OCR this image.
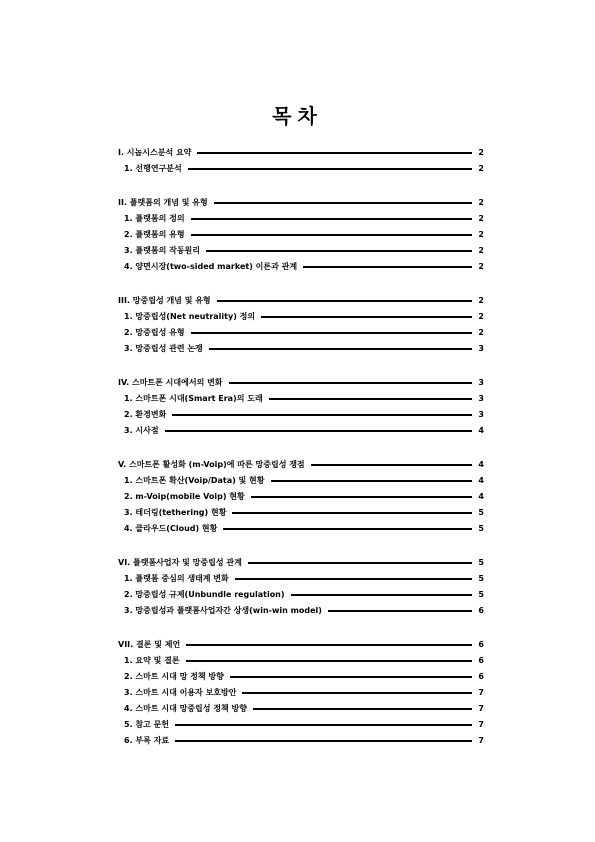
목차
I. 시놉시스분석 요약	2
1. 선행연구분석	2
II. 플랫폼의 개념 및 유형	2
1. 플랫폼의 정의	2
2. 플랫폼의 유형	2
3. 플랫폼의 작동원리	2
4. 양면시장(two-sided market) 이론과 관계	2
III. 망중립성 개념 및 유형	2
1. 망중립성(Net neutrality) 정의	2
2. 망중립성 유형	2
3. 망중립성 관련 논쟁	3
IV. 스마트폰 시대에서의 변화	3
1. 스마트폰 시대(Smart Era)의 도래	3
2. 환경변화	3
3. 시사점	4
V. 스마트폰 활성화 (m-Voip)에 따른 망중립성 쟁점	4
1. 스마트폰 확산(Voip/Data) 및 현황	4
2. m-Voip(mobile Voip) 현황	4
3. 테더링(tethering) 현황	5
4. 클라우드(Cloud) 현황	5
VI. 플랫폼사업자 및 망중립성 관계	5
1. 플랫폼 중심의 생태계 변화	5
2. 망중립성 규제(Unbundle regulation)	5
3. 망중립성과 플랫폼사업자간 상생(win-win model)	6
VII. 결론 및 제언	6
1. 요약 및 결론	6
2. 스마트 시대 망 정책 방향	6
3. 스마트 시대 이용자 보호방안	7
4. 스마트 시대 망중립성 정책 방향	7
5. 참고 문헌	7
6. 부록 자료	7
